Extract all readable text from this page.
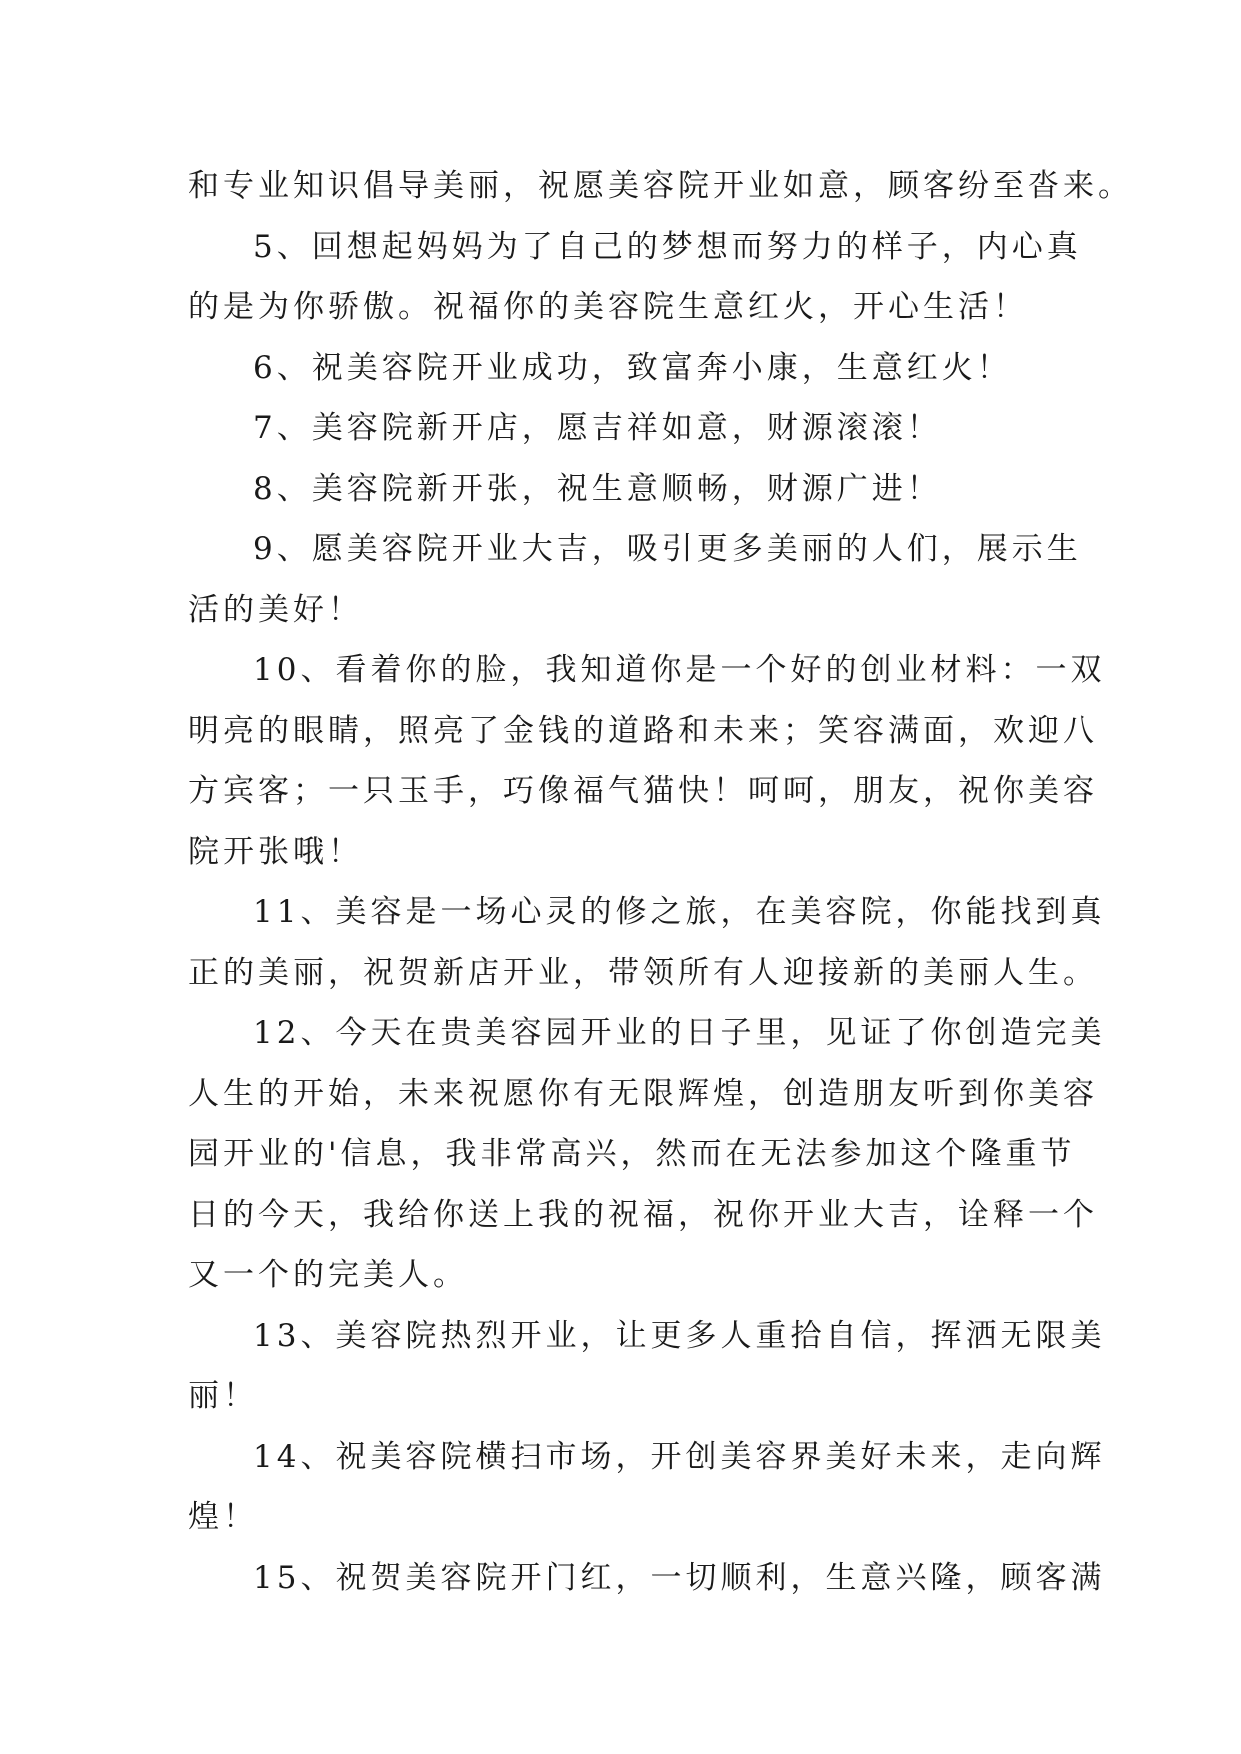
和专业知识倡导美丽，祝愿美容院开业如意，顾客纷至沓来。
5、回想起妈妈为了自己的梦想而努力的样子，内心真
的是为你骄傲。祝福你的美容院生意红火，开心生活！
6、祝美容院开业成功，致富奔小康，生意红火！
7、美容院新开店，愿吉祥如意，财源滚滚！
8、美容院新开张，祝生意顺畅，财源广进！
9、愿美容院开业大吉，吸引更多美丽的人们，展示生
活的美好！
10、看着你的脸，我知道你是一个好的创业材料：一双
明亮的眼睛，照亮了金钱的道路和未来；笑容满面，欢迎八
方宾客；一只玉手，巧像福气猫快！呵呵，朋友，祝你美容
院开张哦！
11、美容是一场心灵的修之旅，在美容院，你能找到真
正的美丽，祝贺新店开业，带领所有人迎接新的美丽人生。
12、今天在贵美容园开业的日子里，见证了你创造完美
人生的开始，未来祝愿你有无限辉煌，创造朋友听到你美容
园开业的'信息，我非常高兴，然而在无法参加这个隆重节
日的今天，我给你送上我的祝福，祝你开业大吉，诠释一个
又一个的完美人。
13、美容院热烈开业，让更多人重拾自信，挥洒无限美
丽！
14、祝美容院横扫市场，开创美容界美好未来，走向辉
煌！
15、祝贺美容院开门红，一切顺利，生意兴隆，顾客满
